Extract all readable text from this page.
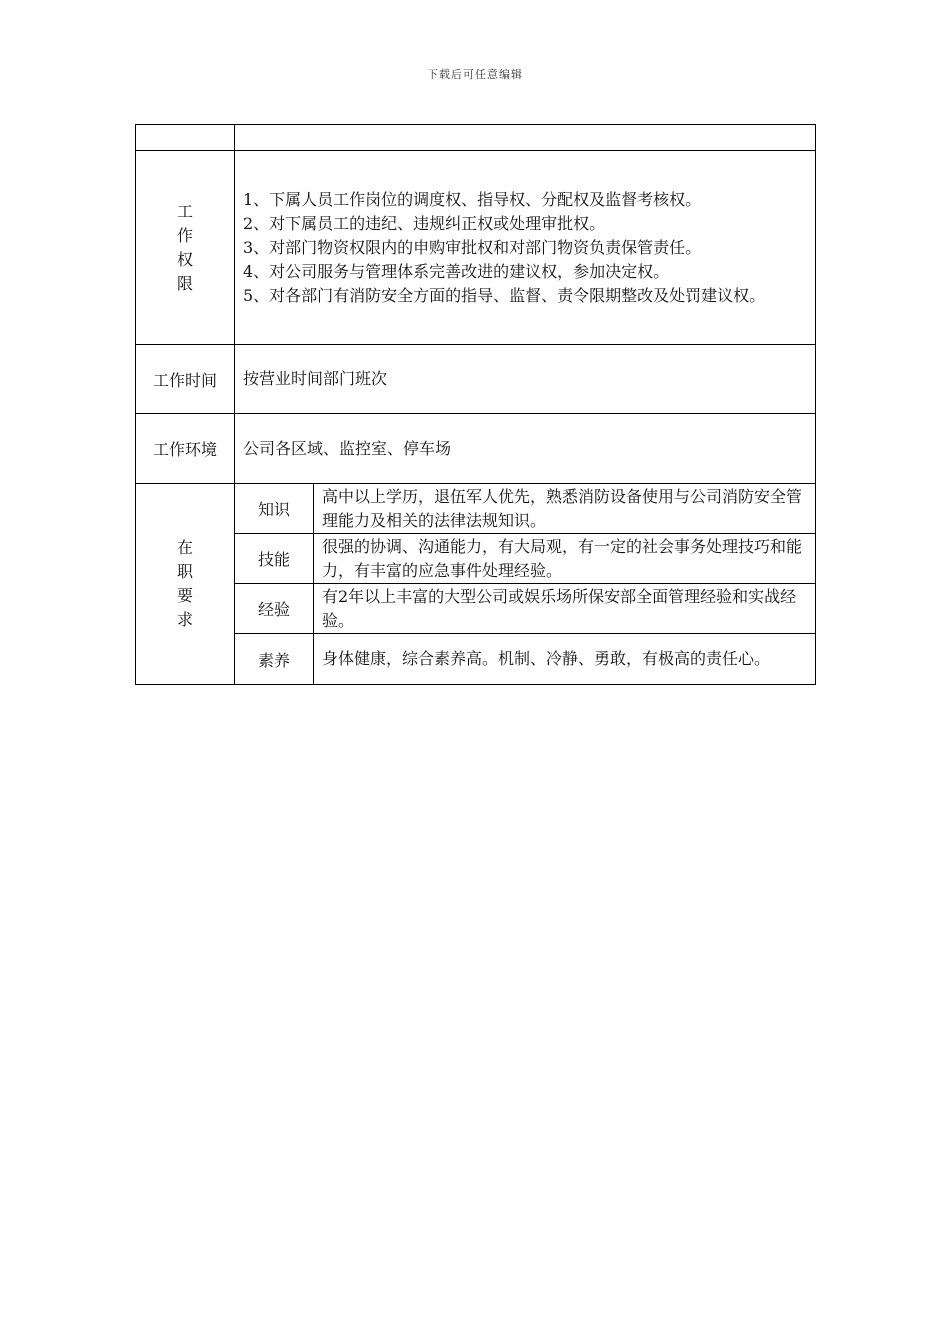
下载后可任意编辑

工
作
权
限	1、下属人员工作岗位的调度权、指导权、分配权及监督考核权。
2、对下属员工的违纪、违规纠正权或处理审批权。
3、对部门物资权限内的申购审批权和对部门物资负责保管责任。
4、对公司服务与管理体系完善改进的建议权，参加决定权。
5、对各部门有消防安全方面的指导、监督、责令限期整改及处罚建议权。	

工作时间	按营业时间部门班次	
工作环境	公司各区域、监控室、停车场	

在
职
要
求	知识	高中以上学历，退伍军人优先，熟悉消防设备使用与公司消防安全管理能力及相关的法律法规知识。
	技能	很强的协调、沟通能力，有大局观，有一定的社会事务处理技巧和能力，有丰富的应急事件处理经验。
	经验	有2年以上丰富的大型公司或娱乐场所保安部全面管理经验和实战经验。
	素养	身体健康，综合素养高。机制、冷静、勇敢，有极高的责任心。
